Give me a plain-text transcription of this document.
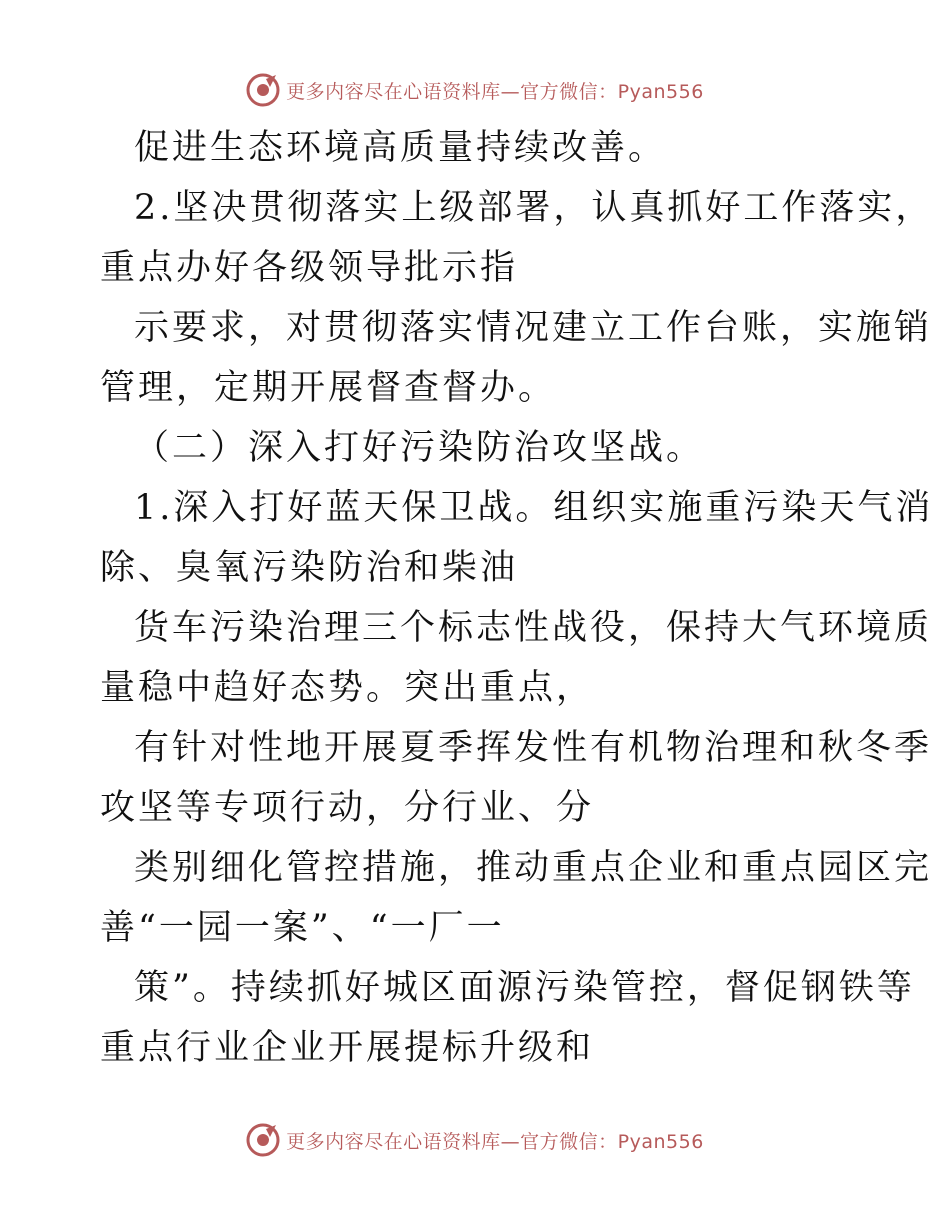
更多内容尽在心语资料库—官方微信：Pyan556
促进生态环境高质量持续改善。
2.坚决贯彻落实上级部署，认真抓好工作落实，
重点办好各级领导批示指
示要求，对贯彻落实情况建立工作台账，实施销
管理，定期开展督查督办。
（二）深入打好污染防治攻坚战。
1.深入打好蓝天保卫战。组织实施重污染天气消
除、臭氧污染防治和柴油
货车污染治理三个标志性战役，保持大气环境质
量稳中趋好态势。突出重点，
有针对性地开展夏季挥发性有机物治理和秋冬季
攻坚等专项行动，分行业、分
类别细化管控措施，推动重点企业和重点园区完
善“一园一案”、“一厂一
策”。持续抓好城区面源污染管控，督促钢铁等
重点行业企业开展提标升级和
更多内容尽在心语资料库—官方微信：Pyan556
